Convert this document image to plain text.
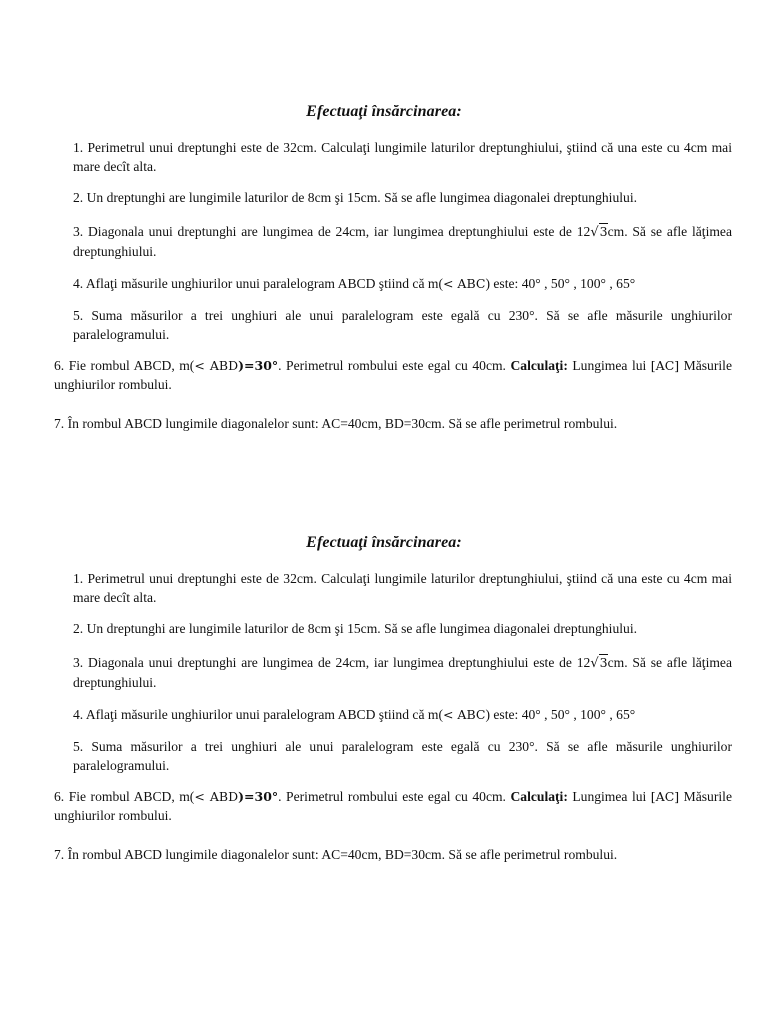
Efectuaţi însărcinarea:

1. Perimetrul unui dreptunghi este de 32cm. Calculaţi lungimile laturilor dreptunghiului, ştiind că una este cu 4cm mai mare decît alta.

2. Un dreptunghi are lungimile laturilor de 8cm şi 15cm. Să se afle lungimea diagonalei dreptunghiului.

3. Diagonala unui dreptunghi are lungimea de 24cm, iar lungimea dreptunghiului este de 12√3cm. Să se afle lăţimea dreptunghiului.

4. Aflaţi măsurile unghiurilor unui paralelogram ABCD ştiind că m(< ABC) este: 40° , 50° , 100° , 65°

5. Suma măsurilor a trei unghiuri ale unui paralelogram este egală cu 230°. Să se afle măsurile unghiurilor paralelogramului.

6. Fie rombul ABCD, m(< ABD)=30°. Perimetrul rombului este egal cu 40cm. Calculaţi: Lungimea lui [AC] Măsurile unghiurilor rombului.

7. În rombul ABCD lungimile diagonalelor sunt: AC=40cm, BD=30cm. Să se afle perimetrul rombului.

Efectuaţi însărcinarea:

1. Perimetrul unui dreptunghi este de 32cm. Calculaţi lungimile laturilor dreptunghiului, ştiind că una este cu 4cm mai mare decît alta.

2. Un dreptunghi are lungimile laturilor de 8cm şi 15cm. Să se afle lungimea diagonalei dreptunghiului.

3. Diagonala unui dreptunghi are lungimea de 24cm, iar lungimea dreptunghiului este de 12√3cm. Să se afle lăţimea dreptunghiului.

4. Aflaţi măsurile unghiurilor unui paralelogram ABCD ştiind că m(< ABC) este: 40° , 50° , 100° , 65°

5. Suma măsurilor a trei unghiuri ale unui paralelogram este egală cu 230°. Să se afle măsurile unghiurilor paralelogramului.

6. Fie rombul ABCD, m(< ABD)=30°. Perimetrul rombului este egal cu 40cm. Calculaţi: Lungimea lui [AC] Măsurile unghiurilor rombului.

7. În rombul ABCD lungimile diagonalelor sunt: AC=40cm, BD=30cm. Să se afle perimetrul rombului.
